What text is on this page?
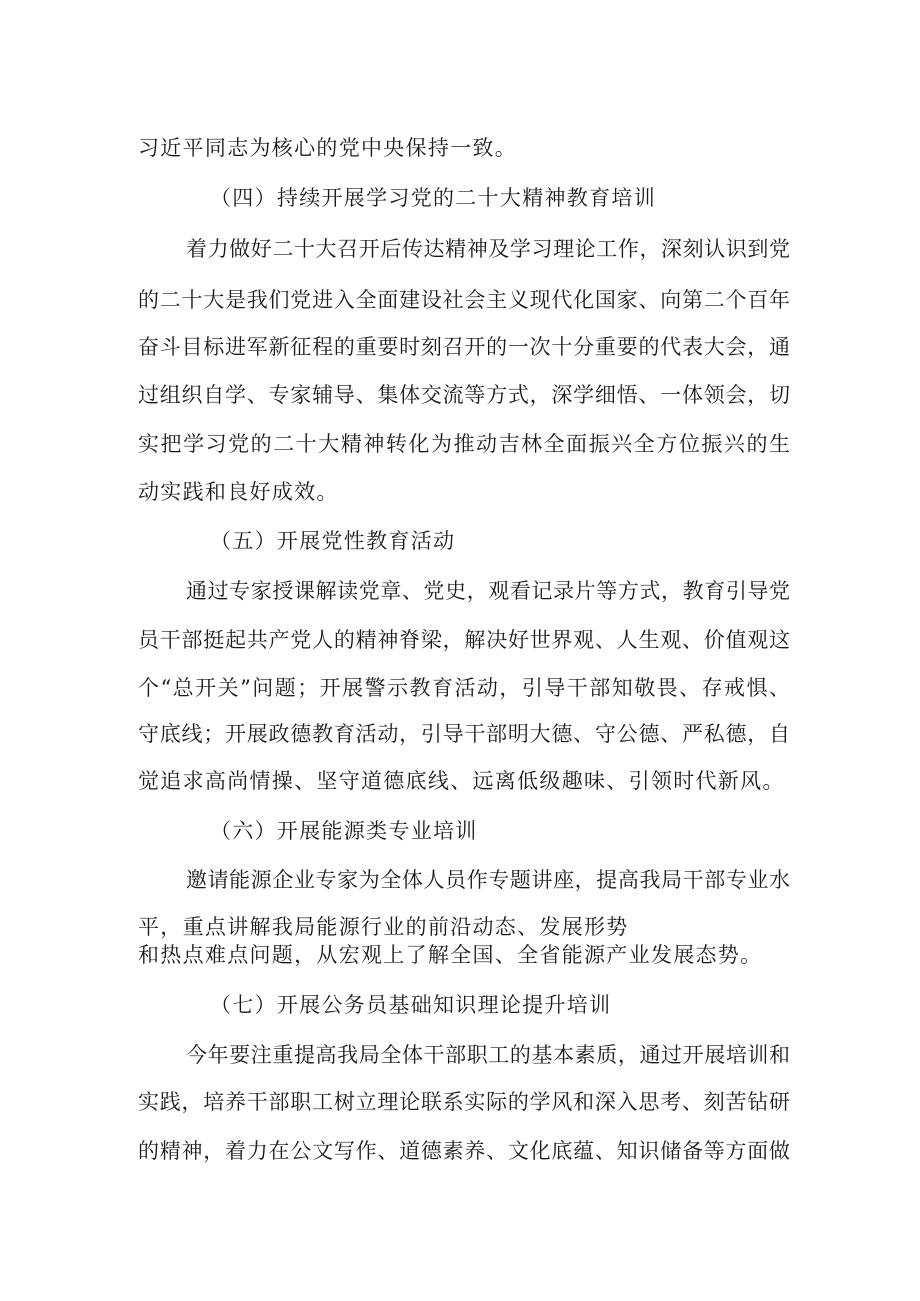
习近平同志为核心的党中央保持一致。
（四）持续开展学习党的二十大精神教育培训
着力做好二十大召开后传达精神及学习理论工作，深刻认识到党
的二十大是我们党进入全面建设社会主义现代化国家、向第二个百年
奋斗目标进军新征程的重要时刻召开的一次十分重要的代表大会，通
过组织自学、专家辅导、集体交流等方式，深学细悟、一体领会，切
实把学习党的二十大精神转化为推动吉林全面振兴全方位振兴的生
动实践和良好成效。
（五）开展党性教育活动
通过专家授课解读党章、党史，观看记录片等方式，教育引导党
员干部挺起共产党人的精神脊梁，解决好世界观、人生观、价值观这
个“总开关”问题；开展警示教育活动，引导干部知敬畏、存戒惧、
守底线；开展政德教育活动，引导干部明大德、守公德、严私德，自
觉追求高尚情操、坚守道德底线、远离低级趣味、引领时代新风。
（六）开展能源类专业培训
邀请能源企业专家为全体人员作专题讲座，提高我局干部专业水
平，重点讲解我局能源行业的前沿动态、发展形势
和热点难点问题，从宏观上了解全国、全省能源产业发展态势。
（七）开展公务员基础知识理论提升培训
今年要注重提高我局全体干部职工的基本素质，通过开展培训和
实践，培养干部职工树立理论联系实际的学风和深入思考、刻苦钻研
的精神，着力在公文写作、道德素养、文化底蕴、知识储备等方面做
